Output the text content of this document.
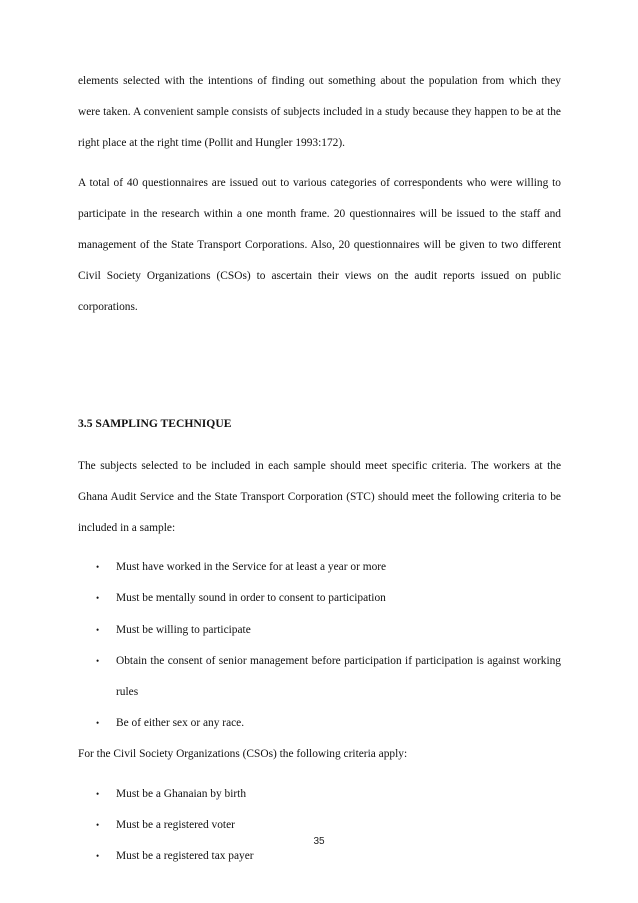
elements selected with the intentions of finding out something about the population from which they were taken. A convenient sample consists of subjects included in a study because they happen to be at the right place at the right time (Pollit and Hungler 1993:172).

A total of 40 questionnaires are issued out to various categories of correspondents who were willing to participate in the research within a one month frame. 20 questionnaires will be issued to the staff and management of the State Transport Corporations. Also, 20 questionnaires will be given to two different Civil Society Organizations (CSOs) to ascertain their views on the audit reports issued on public corporations.

3.5 SAMPLING TECHNIQUE

The subjects selected to be included in each sample should meet specific criteria. The workers at the Ghana Audit Service and the State Transport Corporation (STC) should meet the following criteria to be included in a sample:

• Must have worked in the Service for at least a year or more
• Must be mentally sound in order to consent to participation
• Must be willing to participate
• Obtain the consent of senior management before participation if participation is against working rules
• Be of either sex or any race.

For the Civil Society Organizations (CSOs) the following criteria apply:

• Must be a Ghanaian by birth
• Must be a registered voter
• Must be a registered tax payer
35
